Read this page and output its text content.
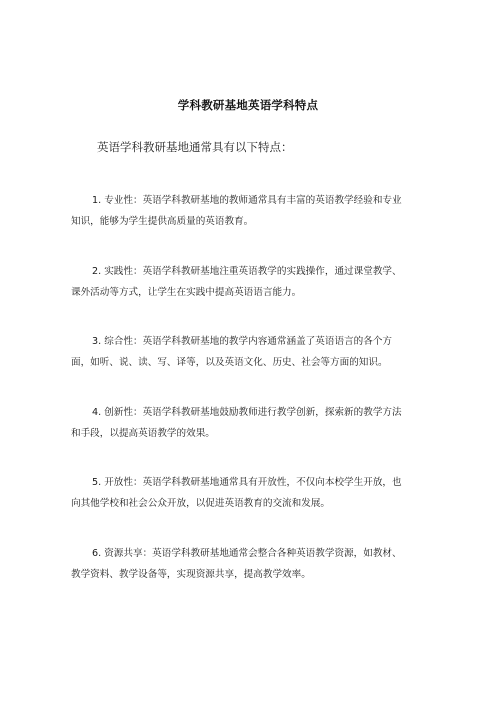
学科教研基地英语学科特点
英语学科教研基地通常具有以下特点：
1. 专业性：英语学科教研基地的教师通常具有丰富的英语教学经验和专业
知识，能够为学生提供高质量的英语教育。
2. 实践性：英语学科教研基地注重英语教学的实践操作，通过课堂教学、
课外活动等方式，让学生在实践中提高英语语言能力。
3. 综合性：英语学科教研基地的教学内容通常涵盖了英语语言的各个方
面，如听、说、读、写、译等，以及英语文化、历史、社会等方面的知识。
4. 创新性：英语学科教研基地鼓励教师进行教学创新，探索新的教学方法
和手段，以提高英语教学的效果。
5. 开放性：英语学科教研基地通常具有开放性，不仅向本校学生开放，也
向其他学校和社会公众开放，以促进英语教育的交流和发展。
6. 资源共享：英语学科教研基地通常会整合各种英语教学资源，如教材、
教学资料、教学设备等，实现资源共享，提高教学效率。
